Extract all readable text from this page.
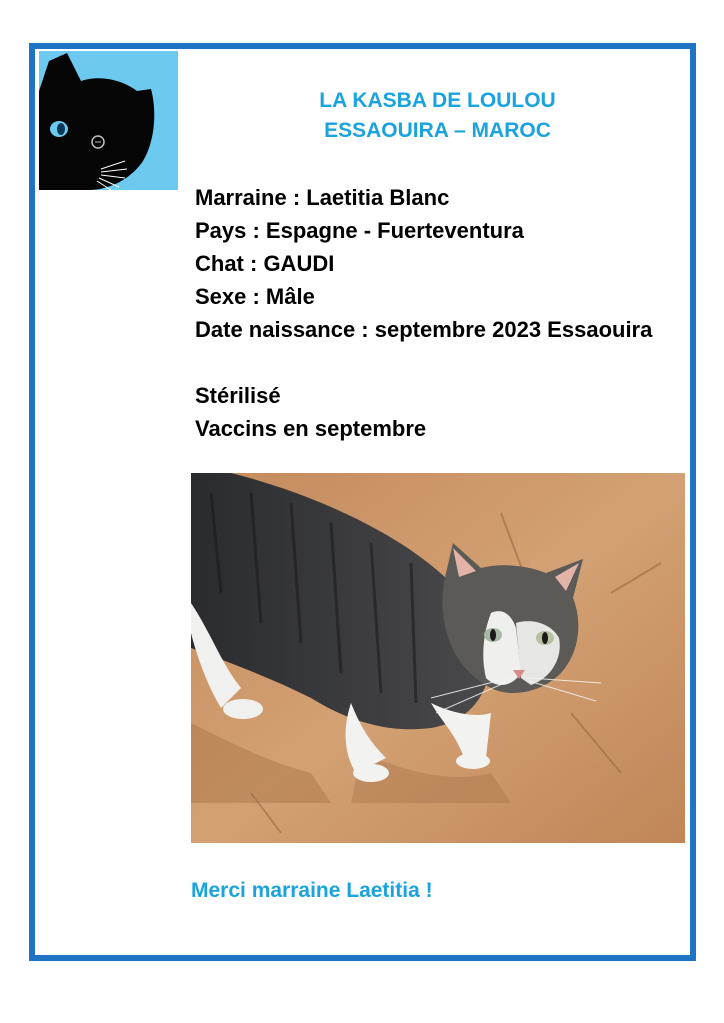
LA KASBA DE LOULOU
ESSAOUIRA – MAROC
Marraine : Laetitia Blanc
Pays : Espagne - Fuerteventura
Chat : GAUDI
Sexe : Mâle
Date naissance : septembre 2023 Essaouira
Stérilisé
Vaccins en septembre
Merci marraine Laetitia !
